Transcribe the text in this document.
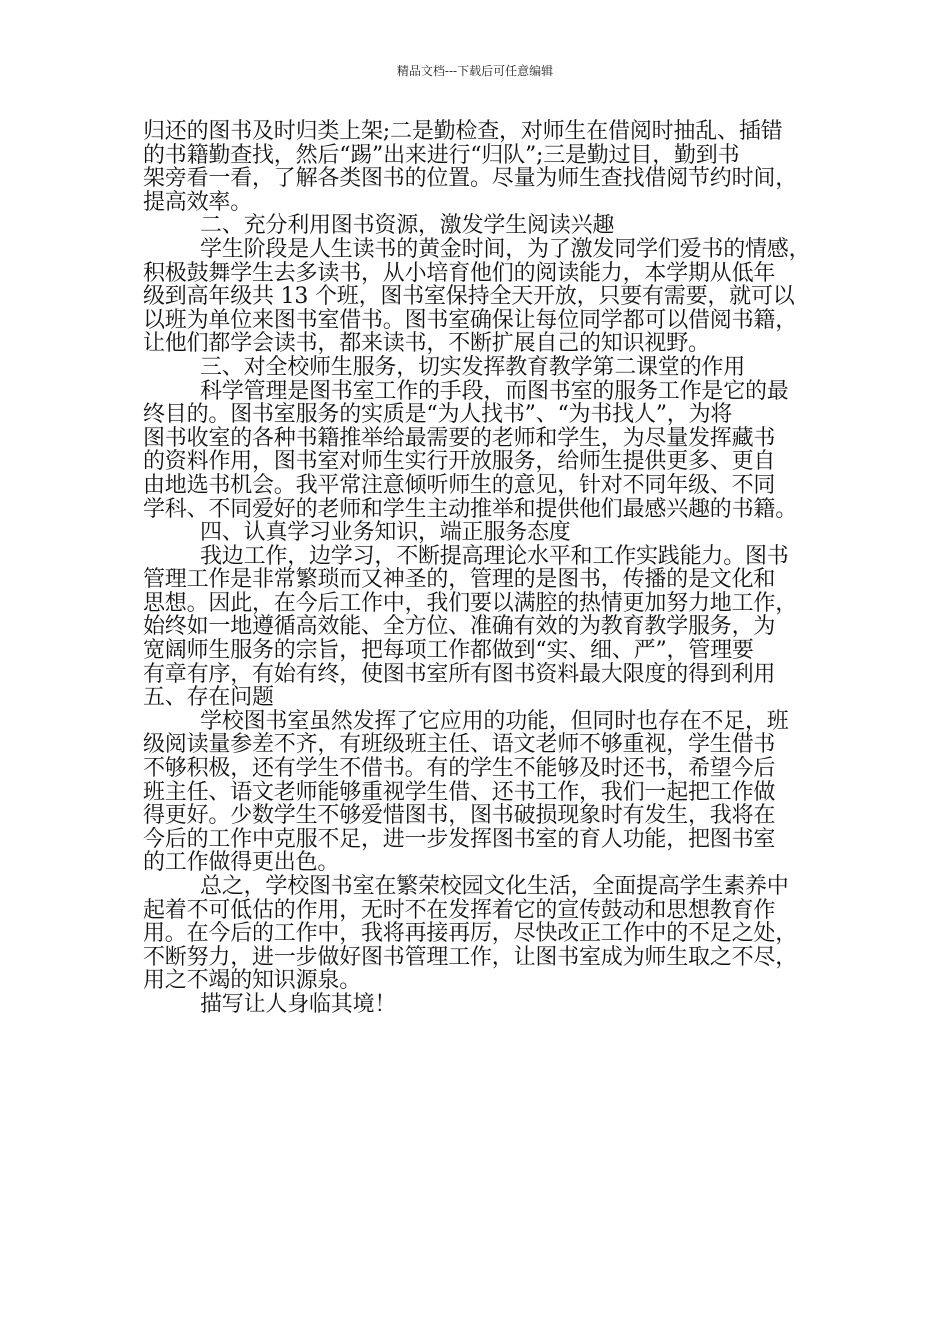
精品文档---下载后可任意编辑
归还的图书及时归类上架;二是勤检查，对师生在借阅时抽乱、插错
的书籍勤查找，然后“踢”出来进行“归队”;三是勤过目，勤到书
架旁看一看，了解各类图书的位置。尽量为师生查找借阅节约时间，
提高效率。
二、充分利用图书资源，激发学生阅读兴趣
学生阶段是人生读书的黄金时间，为了激发同学们爱书的情感，
积极鼓舞学生去多读书，从小培育他们的阅读能力，本学期从低年
级到高年级共 13 个班，图书室保持全天开放，只要有需要，就可以
以班为单位来图书室借书。图书室确保让每位同学都可以借阅书籍，
让他们都学会读书，都来读书，不断扩展自己的知识视野。
三、对全校师生服务，切实发挥教育教学第二课堂的作用
科学管理是图书室工作的手段，而图书室的服务工作是它的最
终目的。图书室服务的实质是“为人找书”、“为书找人”，为将
图书收室的各种书籍推举给最需要的老师和学生，为尽量发挥藏书
的资料作用，图书室对师生实行开放服务，给师生提供更多、更自
由地选书机会。我平常注意倾听师生的意见，针对不同年级、不同
学科、不同爱好的老师和学生主动推举和提供他们最感兴趣的书籍。
四、认真学习业务知识，端正服务态度
我边工作，边学习，不断提高理论水平和工作实践能力。图书
管理工作是非常繁琐而又神圣的，管理的是图书，传播的是文化和
思想。因此，在今后工作中，我们要以满腔的热情更加努力地工作，
始终如一地遵循高效能、全方位、准确有效的为教育教学服务，为
宽阔师生服务的宗旨，把每项工作都做到“实、细、严”，管理要
有章有序，有始有终，使图书室所有图书资料最大限度的得到利用
五、存在问题
学校图书室虽然发挥了它应用的功能，但同时也存在不足，班
级阅读量参差不齐，有班级班主任、语文老师不够重视，学生借书
不够积极，还有学生不借书。有的学生不能够及时还书，希望今后
班主任、语文老师能够重视学生借、还书工作，我们一起把工作做
得更好。少数学生不够爱惜图书，图书破损现象时有发生，我将在
今后的工作中克服不足，进一步发挥图书室的育人功能，把图书室
的工作做得更出色。
总之，学校图书室在繁荣校园文化生活，全面提高学生素养中
起着不可低估的作用，无时不在发挥着它的宣传鼓动和思想教育作
用。在今后的工作中，我将再接再厉，尽快改正工作中的不足之处，
不断努力，进一步做好图书管理工作，让图书室成为师生取之不尽，
用之不竭的知识源泉。
描写让人身临其境！
